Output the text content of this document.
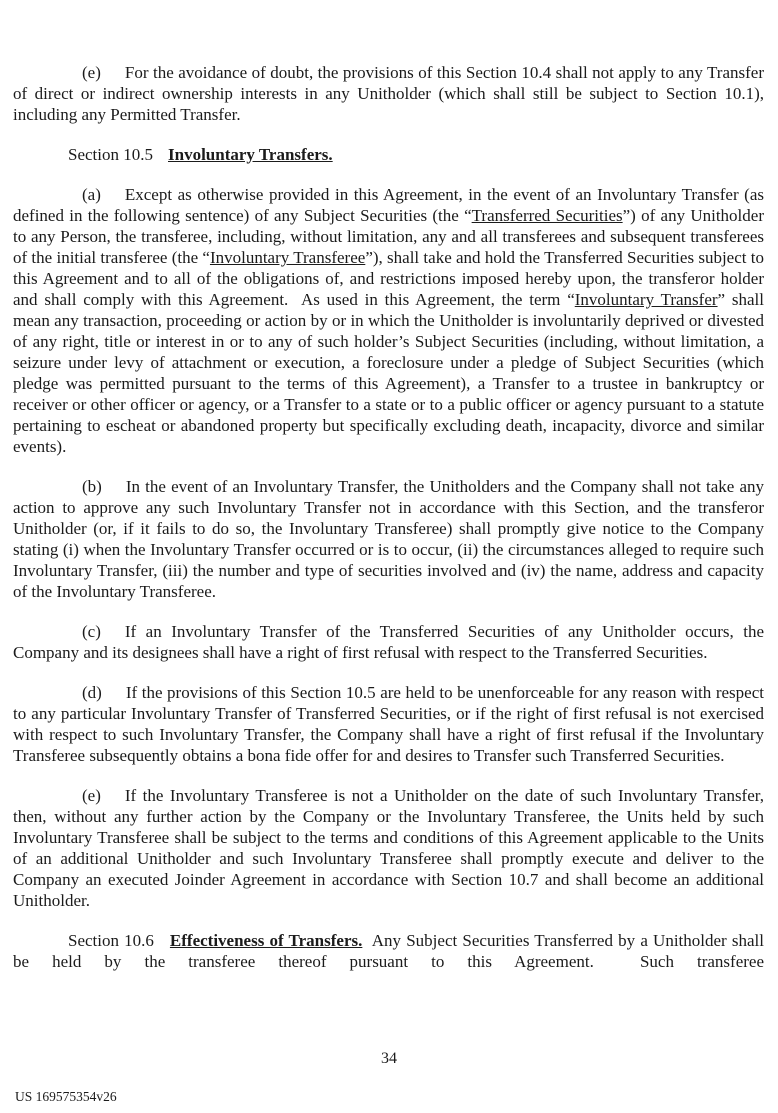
(e) For the avoidance of doubt, the provisions of this Section 10.4 shall not apply to any Transfer of direct or indirect ownership interests in any Unitholder (which shall still be subject to Section 10.1), including any Permitted Transfer.

Section 10.5 Involuntary Transfers.

(a) Except as otherwise provided in this Agreement, in the event of an Involuntary Transfer (as defined in the following sentence) of any Subject Securities (the “Transferred Securities”) of any Unitholder to any Person, the transferee, including, without limitation, any and all transferees and subsequent transferees of the initial transferee (the “Involuntary Transferee”), shall take and hold the Transferred Securities subject to this Agreement and to all of the obligations of, and restrictions imposed hereby upon, the transferor holder and shall comply with this Agreement.  As used in this Agreement, the term “Involuntary Transfer” shall mean any transaction, proceeding or action by or in which the Unitholder is involuntarily deprived or divested of any right, title or interest in or to any of such holder’s Subject Securities (including, without limitation, a seizure under levy of attachment or execution, a foreclosure under a pledge of Subject Securities (which pledge was permitted pursuant to the terms of this Agreement), a Transfer to a trustee in bankruptcy or receiver or other officer or agency, or a Transfer to a state or to a public officer or agency pursuant to a statute pertaining to escheat or abandoned property but specifically excluding death, incapacity, divorce and similar events).

(b) In the event of an Involuntary Transfer, the Unitholders and the Company shall not take any action to approve any such Involuntary Transfer not in accordance with this Section, and the transferor Unitholder (or, if it fails to do so, the Involuntary Transferee) shall promptly give notice to the Company stating (i) when the Involuntary Transfer occurred or is to occur, (ii) the circumstances alleged to require such Involuntary Transfer, (iii) the number and type of securities involved and (iv) the name, address and capacity of the Involuntary Transferee.

(c) If an Involuntary Transfer of the Transferred Securities of any Unitholder occurs, the Company and its designees shall have a right of first refusal with respect to the Transferred Securities.

(d) If the provisions of this Section 10.5 are held to be unenforceable for any reason with respect to any particular Involuntary Transfer of Transferred Securities, or if the right of first refusal is not exercised with respect to such Involuntary Transfer, the Company shall have a right of first refusal if the Involuntary Transferee subsequently obtains a bona fide offer for and desires to Transfer such Transferred Securities.

(e) If the Involuntary Transferee is not a Unitholder on the date of such Involuntary Transfer, then, without any further action by the Company or the Involuntary Transferee, the Units held by such Involuntary Transferee shall be subject to the terms and conditions of this Agreement applicable to the Units of an additional Unitholder and such Involuntary Transferee shall promptly execute and deliver to the Company an executed Joinder Agreement in accordance with Section 10.7 and shall become an additional Unitholder.

Section 10.6 Effectiveness of Transfers.  Any Subject Securities Transferred by a Unitholder shall be held by the transferee thereof pursuant to this Agreement.  Such transferee

34
US 169575354v26
